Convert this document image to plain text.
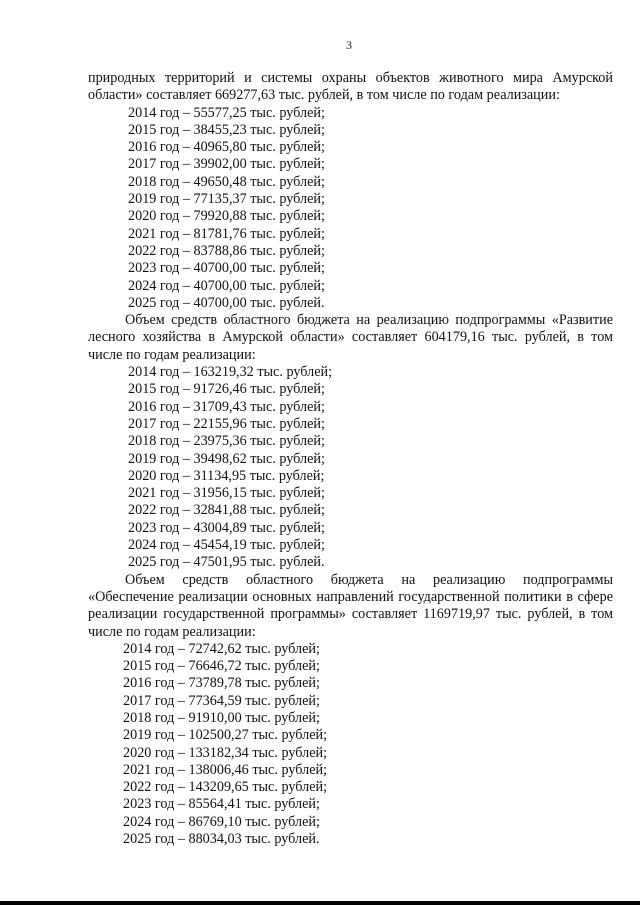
3

природных территорий и системы охраны объектов животного мира Амурской области» составляет 669277,63 тыс. рублей, в том числе по годам реализации:

2014 год – 55577,25 тыс. рублей;
2015 год – 38455,23 тыс. рублей;
2016 год – 40965,80 тыс. рублей;
2017 год – 39902,00 тыс. рублей;
2018 год – 49650,48 тыс. рублей;
2019 год – 77135,37 тыс. рублей;
2020 год – 79920,88 тыс. рублей;
2021 год – 81781,76 тыс. рублей;
2022 год – 83788,86 тыс. рублей;
2023 год – 40700,00 тыс. рублей;
2024 год – 40700,00 тыс. рублей;
2025 год – 40700,00 тыс. рублей.

Объем средств областного бюджета на реализацию подпрограммы «Развитие лесного хозяйства в Амурской области» составляет 604179,16 тыс. рублей, в том числе по годам реализации:

2014 год – 163219,32 тыс. рублей;
2015 год – 91726,46 тыс. рублей;
2016 год – 31709,43 тыс. рублей;
2017 год – 22155,96 тыс. рублей;
2018 год – 23975,36 тыс. рублей;
2019 год – 39498,62 тыс. рублей;
2020 год – 31134,95 тыс. рублей;
2021 год – 31956,15 тыс. рублей;
2022 год – 32841,88 тыс. рублей;
2023 год – 43004,89 тыс. рублей;
2024 год – 45454,19 тыс. рублей;
2025 год – 47501,95 тыс. рублей.

Объем средств областного бюджета на реализацию подпрограммы «Обеспечение реализации основных направлений государственной политики в сфере реализации государственной программы» составляет 1169719,97 тыс. рублей, в том числе по годам реализации:

2014 год – 72742,62 тыс. рублей;
2015 год – 76646,72 тыс. рублей;
2016 год – 73789,78 тыс. рублей;
2017 год – 77364,59 тыс. рублей;
2018 год – 91910,00 тыс. рублей;
2019 год – 102500,27 тыс. рублей;
2020 год – 133182,34 тыс. рублей;
2021 год – 138006,46 тыс. рублей;
2022 год – 143209,65 тыс. рублей;
2023 год – 85564,41 тыс. рублей;
2024 год – 86769,10 тыс. рублей;
2025 год – 88034,03 тыс. рублей.
